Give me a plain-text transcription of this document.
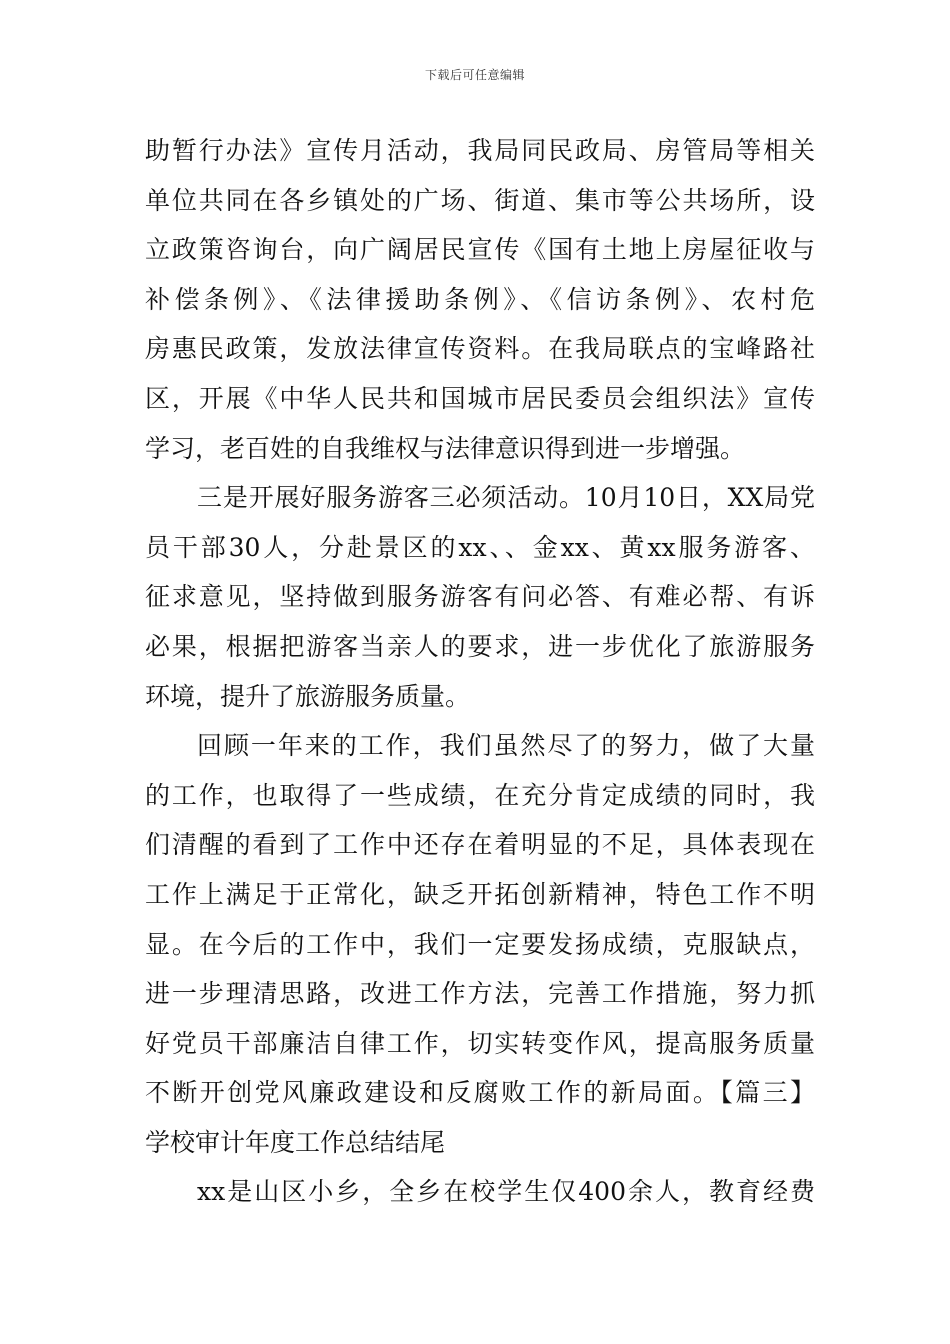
下载后可任意编辑
助暂行办法》宣传月活动，我局同民政局、房管局等相关
单位共同在各乡镇处的广场、街道、集市等公共场所，设
立政策咨询台，向广阔居民宣传《国有土地上房屋征收与
补偿条例》、《法律援助条例》、《信访条例》、农村危
房惠民政策，发放法律宣传资料。在我局联点的宝峰路社
区，开展《中华人民共和国城市居民委员会组织法》宣传
学习，老百姓的自我维权与法律意识得到进一步增强。
三是开展好服务游客三必须活动。10月10日，XX局党
员干部30人，分赴景区的xx、、金xx、黄xx服务游客、
征求意见，坚持做到服务游客有问必答、有难必帮、有诉
必果，根据把游客当亲人的要求，进一步优化了旅游服务
环境，提升了旅游服务质量。
回顾一年来的工作，我们虽然尽了的努力，做了大量
的工作，也取得了一些成绩，在充分肯定成绩的同时，我
们清醒的看到了工作中还存在着明显的不足，具体表现在
工作上满足于正常化，缺乏开拓创新精神，特色工作不明
显。在今后的工作中，我们一定要发扬成绩，克服缺点，
进一步理清思路，改进工作方法，完善工作措施，努力抓
好党员干部廉洁自律工作，切实转变作风，提高服务质量
不断开创党风廉政建设和反腐败工作的新局面。【篇三】
学校审计年度工作总结结尾
xx是山区小乡，全乡在校学生仅400余人，教育经费
